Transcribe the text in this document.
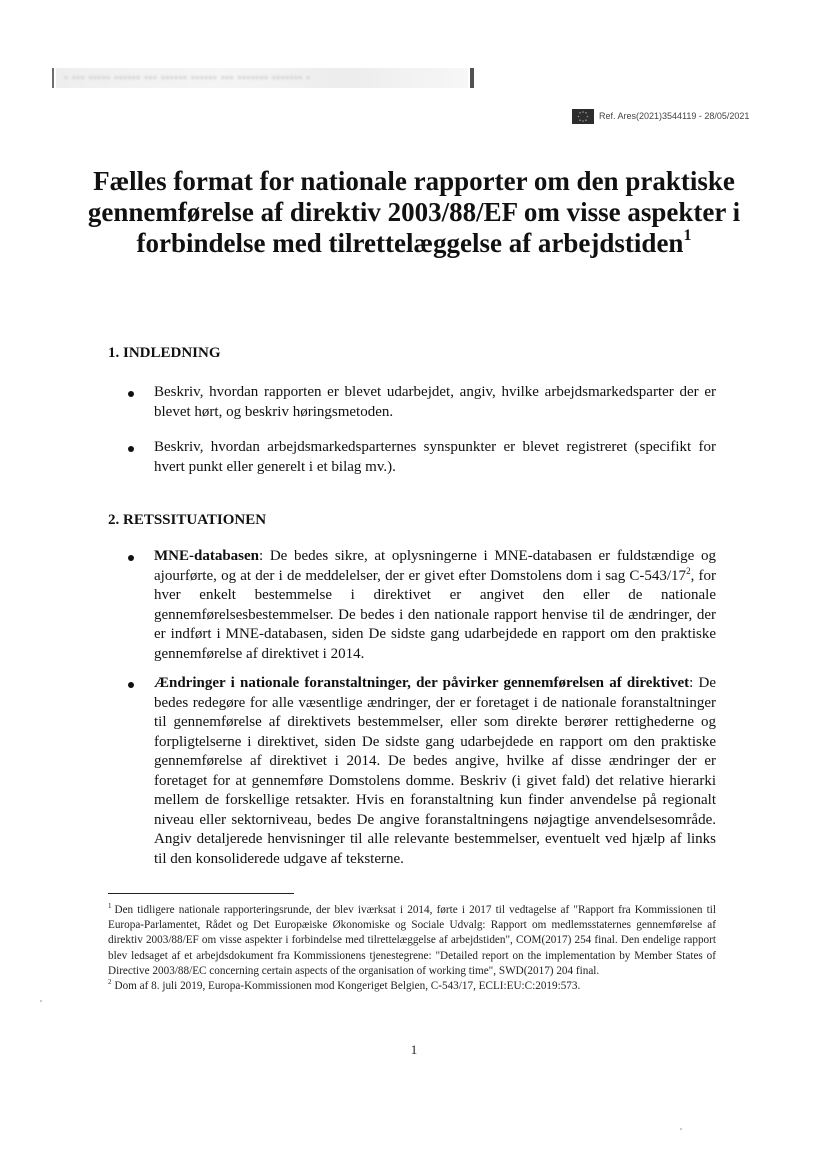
▪ ▪▪▪ ▪▪▪▪▪ ▪▪▪▪▪▪ ▪▪▪ ▪▪▪▪▪▪ ▪▪▪▪▪▪ ▪▪▪ ▪▪▪▪▪▪▪ ▪▪▪▪▪▪▪ ▪
Ref. Ares(2021)3544119 - 28/05/2021
Fælles format for nationale rapporter om den praktiske gennemførelse af direktiv 2003/88/EF om visse aspekter i forbindelse med tilrettelæggelse af arbejdstiden$^1$
1. INDLEDNING

Beskriv, hvordan rapporten er blevet udarbejdet, angiv, hvilke arbejdsmarkedsparter der er blevet hørt, og beskriv høringsmetoden.

Beskriv, hvordan arbejdsmarkedsparternes synspunkter er blevet registreret (specifikt for hvert punkt eller generelt i et bilag mv.).

2. RETSSITUATIONEN

MNE-databasen: De bedes sikre, at oplysningerne i MNE-databasen er fuldstændige og ajourførte, og at der i de meddelelser, der er givet efter Domstolens dom i sag $C-543/17^2$, for hver enkelt bestemmelse i direktivet er angivet den eller de nationale gennemførelsesbestemmelser. De bedes i den nationale rapport henvise til de ændringer, der er indført i MNE-databasen, siden De sidste gang udarbejdede en rapport om den praktiske gennemførelse af direktivet i 2014.

Ændringer i nationale foranstaltninger, der påvirker gennemførelsen af direktivet: De bedes redegøre for alle væsentlige ændringer, der er foretaget i de nationale foranstaltninger til gennemførelse af direktivets bestemmelser, eller som direkte berører rettighederne og forpligtelserne i direktivet, siden De sidste gang udarbejdede en rapport om den praktiske gennemførelse af direktivet i 2014. De bedes angive, hvilke af disse ændringer der er foretaget for at gennemføre Domstolens domme. Beskriv (i givet fald) det relative hierarki mellem de forskellige retsakter. Hvis en foranstaltning kun finder anvendelse på regionalt niveau eller sektorniveau, bedes De angive foranstaltningens nøjagtige anvendelsesområde. Angiv detaljerede henvisninger til alle relevante bestemmelser, eventuelt ved hjælp af links til den konsoliderede udgave af teksterne.

$^1$ Den tidligere nationale rapporteringsrunde, der blev iværksat i 2014, førte i 2017 til vedtagelse af "Rapport fra Kommissionen til Europa-Parlamentet, Rådet og Det Europæiske Økonomiske og Sociale Udvalg: Rapport om medlemsstaternes gennemførelse af direktiv 2003/88/EF om visse aspekter i forbindelse med tilrettelæggelse af arbejdstiden", COM(2017) 254 final. Den endelige rapport blev ledsaget af et arbejdsdokument fra Kommissionens tjenestegrene: "Detailed report on the implementation by Member States of Directive 2003/88/EC concerning certain aspects of the organisation of working time", SWD(2017) 204 final.

$^2$ Dom af 8. juli 2019, Europa-Kommissionen mod Kongeriget Belgien, C-543/17, ECLI:EU:C:2019:573.

1
